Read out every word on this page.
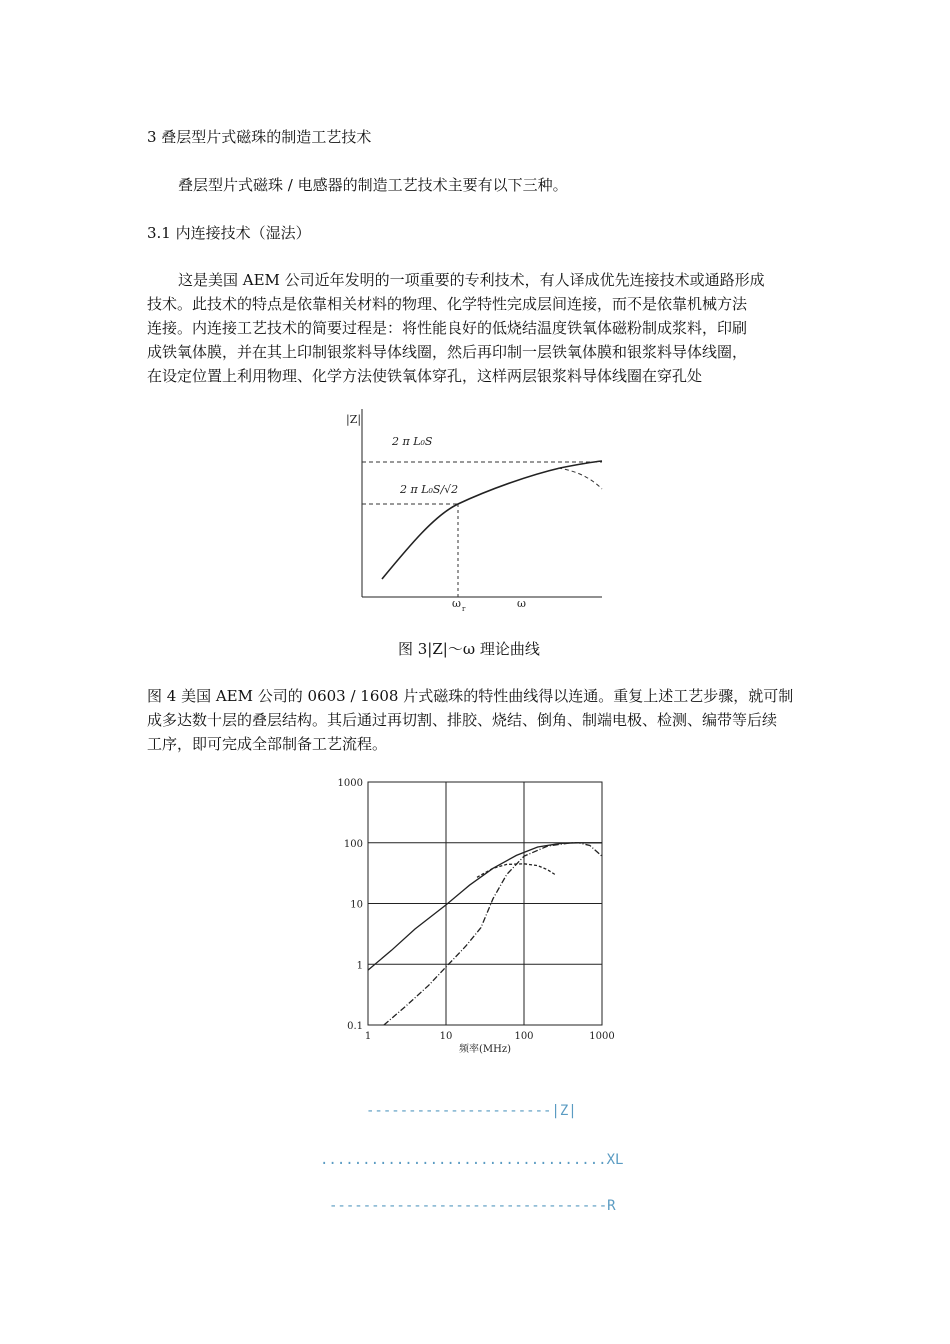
3 叠层型片式磁珠的制造工艺技术
叠层型片式磁珠 / 电感器的制造工艺技术主要有以下三种。
3.1 内连接技术（湿法）
这是美国 AEM 公司近年发明的一项重要的专利技术，有人译成优先连接技术或通路形成
技术。此技术的特点是依靠相关材料的物理、化学特性完成层间连接，而不是依靠机械方法
连接。内连接工艺技术的简要过程是：将性能良好的低烧结温度铁氧体磁粉制成浆料，印刷
成铁氧体膜，并在其上印制银浆料导体线圈，然后再印制一层铁氧体膜和银浆料导体线圈，
在设定位置上利用物理、化学方法使铁氧体穿孔，这样两层银浆料导体线圈在穿孔处
|Z|
2 π L₀S
2 π L₀S/√2
ω r	ω
图 3|Z|～ω 理论曲线
图 4 美国 AEM 公司的 0603 / 1608 片式磁珠的特性曲线得以连通。重复上述工艺步骤，就可制
成多达数十层的叠层结构。其后通过再切割、排胶、烧结、倒角、制端电极、检测、编带等后续
工序，即可完成全部制备工艺流程。
1	10	100	1000
0.1
1
10
100
1000
频率(MHz)
----------------------|Z|
..................................XL
---------------------------------R
